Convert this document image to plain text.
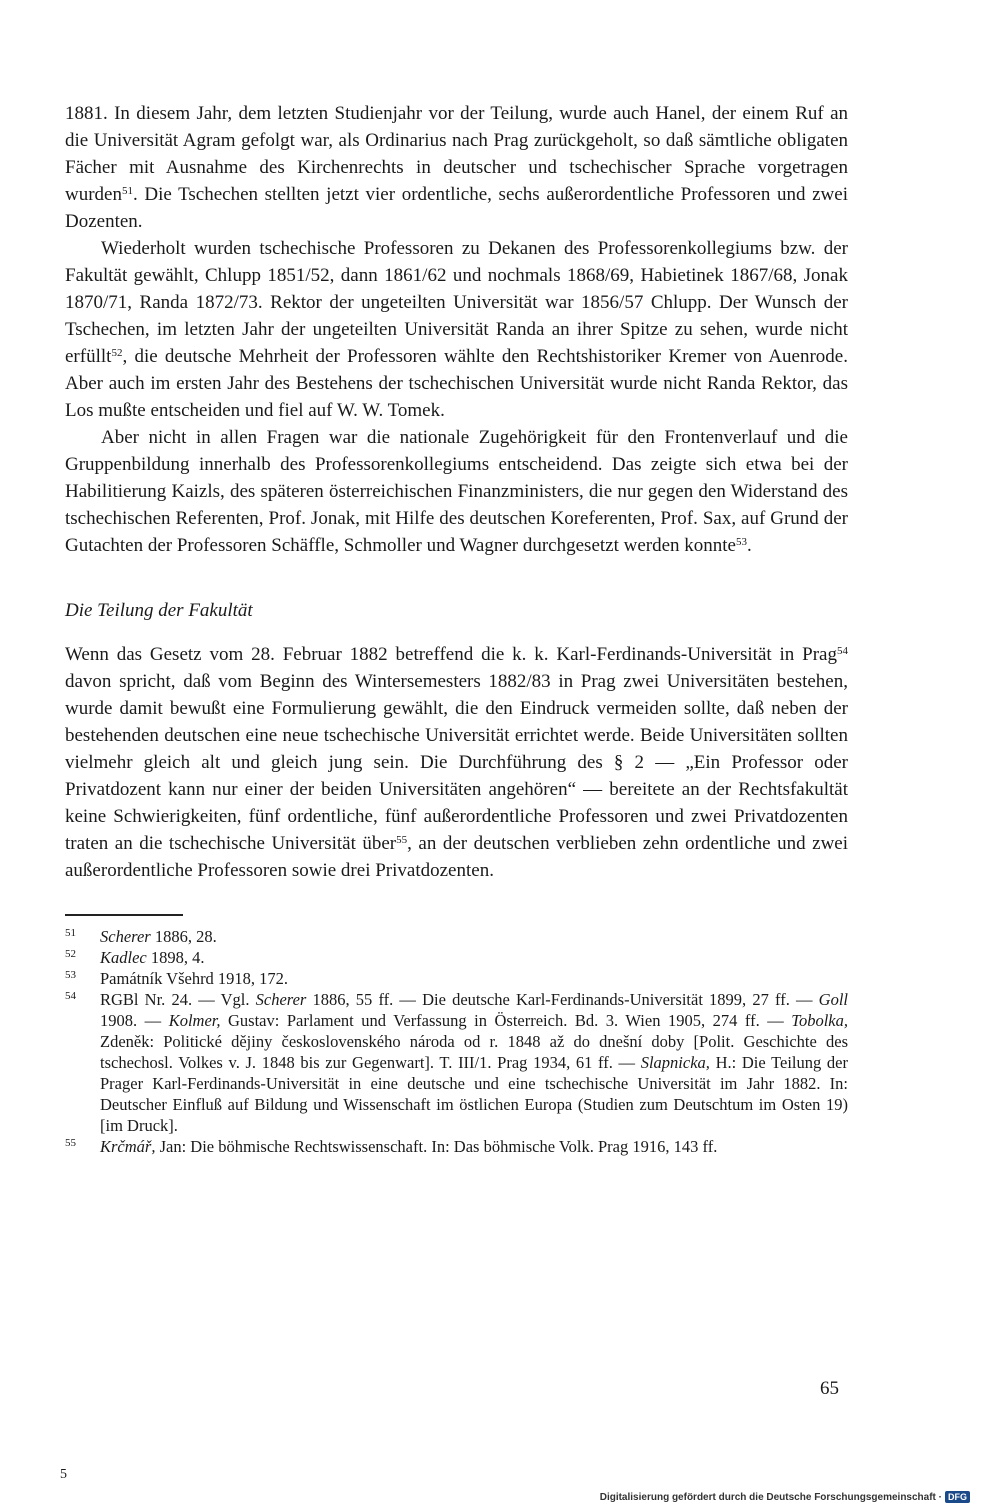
1881. In diesem Jahr, dem letzten Studienjahr vor der Teilung, wurde auch Hanel, der einem Ruf an die Universität Agram gefolgt war, als Ordinarius nach Prag zurückgeholt, so daß sämtliche obligaten Fächer mit Ausnahme des Kirchenrechts in deutscher und tschechischer Sprache vorgetragen wurden$^{51}$. Die Tschechen stellten jetzt vier ordentliche, sechs außerordentliche Professoren und zwei Dozenten.

Wiederholt wurden tschechische Professoren zu Dekanen des Professorenkollegiums bzw. der Fakultät gewählt, Chlupp 1851/52, dann 1861/62 und nochmals 1868/69, Habietinek 1867/68, Jonak 1870/71, Randa 1872/73. Rektor der ungeteilten Universität war 1856/57 Chlupp. Der Wunsch der Tschechen, im letzten Jahr der ungeteilten Universität Randa an ihrer Spitze zu sehen, wurde nicht erfüllt$^{52}$, die deutsche Mehrheit der Professoren wählte den Rechtshistoriker Kremer von Auenrode. Aber auch im ersten Jahr des Bestehens der tschechischen Universität wurde nicht Randa Rektor, das Los mußte entscheiden und fiel auf W. W. Tomek.

Aber nicht in allen Fragen war die nationale Zugehörigkeit für den Frontenverlauf und die Gruppenbildung innerhalb des Professorenkollegiums entscheidend. Das zeigte sich etwa bei der Habilitierung Kaizls, des späteren österreichischen Finanzministers, die nur gegen den Widerstand des tschechischen Referenten, Prof. Jonak, mit Hilfe des deutschen Koreferenten, Prof. Sax, auf Grund der Gutachten der Professoren Schäffle, Schmoller und Wagner durchgesetzt werden konnte$^{53}$.

Die Teilung der Fakultät

Wenn das Gesetz vom 28. Februar 1882 betreffend die k. k. Karl-Ferdinands-Universität in Prag$^{54}$ davon spricht, daß vom Beginn des Wintersemesters 1882/83 in Prag zwei Universitäten bestehen, wurde damit bewußt eine Formulierung gewählt, die den Eindruck vermeiden sollte, daß neben der bestehenden deutschen eine neue tschechische Universität errichtet werde. Beide Universitäten sollten vielmehr gleich alt und gleich jung sein. Die Durchführung des § 2 — „Ein Professor oder Privatdozent kann nur einer der beiden Universitäten angehören“ — bereitete an der Rechtsfakultät keine Schwierigkeiten, fünf ordentliche, fünf außerordentliche Professoren und zwei Privatdozenten traten an die tschechische Universität über$^{55}$, an der deutschen verblieben zehn ordentliche und zwei außerordentliche Professoren sowie drei Privatdozenten.

51 Scherer 1886, 28.

52 Kadlec 1898, 4.

53 Památník Všehrd 1918, 172.

54 RGBl Nr. 24. — Vgl. Scherer 1886, 55 ff. — Die deutsche Karl-Ferdinands-Universität 1899, 27 ff. — Goll 1908. — Kolmer, Gustav: Parlament und Verfassung in Österreich. Bd. 3. Wien 1905, 274 ff. — Tobolka, Zdeněk: Politické dějiny československého národa od r. 1848 až do dnešní doby [Polit. Geschichte des tschechosl. Volkes v. J. 1848 bis zur Gegenwart]. T. III/1. Prag 1934, 61 ff. — Slapnicka, H.: Die Teilung der Prager Karl-Ferdinands-Universität in eine deutsche und eine tschechische Universität im Jahr 1882. In: Deutscher Einfluß auf Bildung und Wissenschaft im östlichen Europa (Studien zum Deutschtum im Osten 19) [im Druck].

55 Krčmář, Jan: Die böhmische Rechtswissenschaft. In: Das böhmische Volk. Prag 1916, 143 ff.

65
5
Digitalisierung gefördert durch die Deutsche Forschungsgemeinschaft · DFG
